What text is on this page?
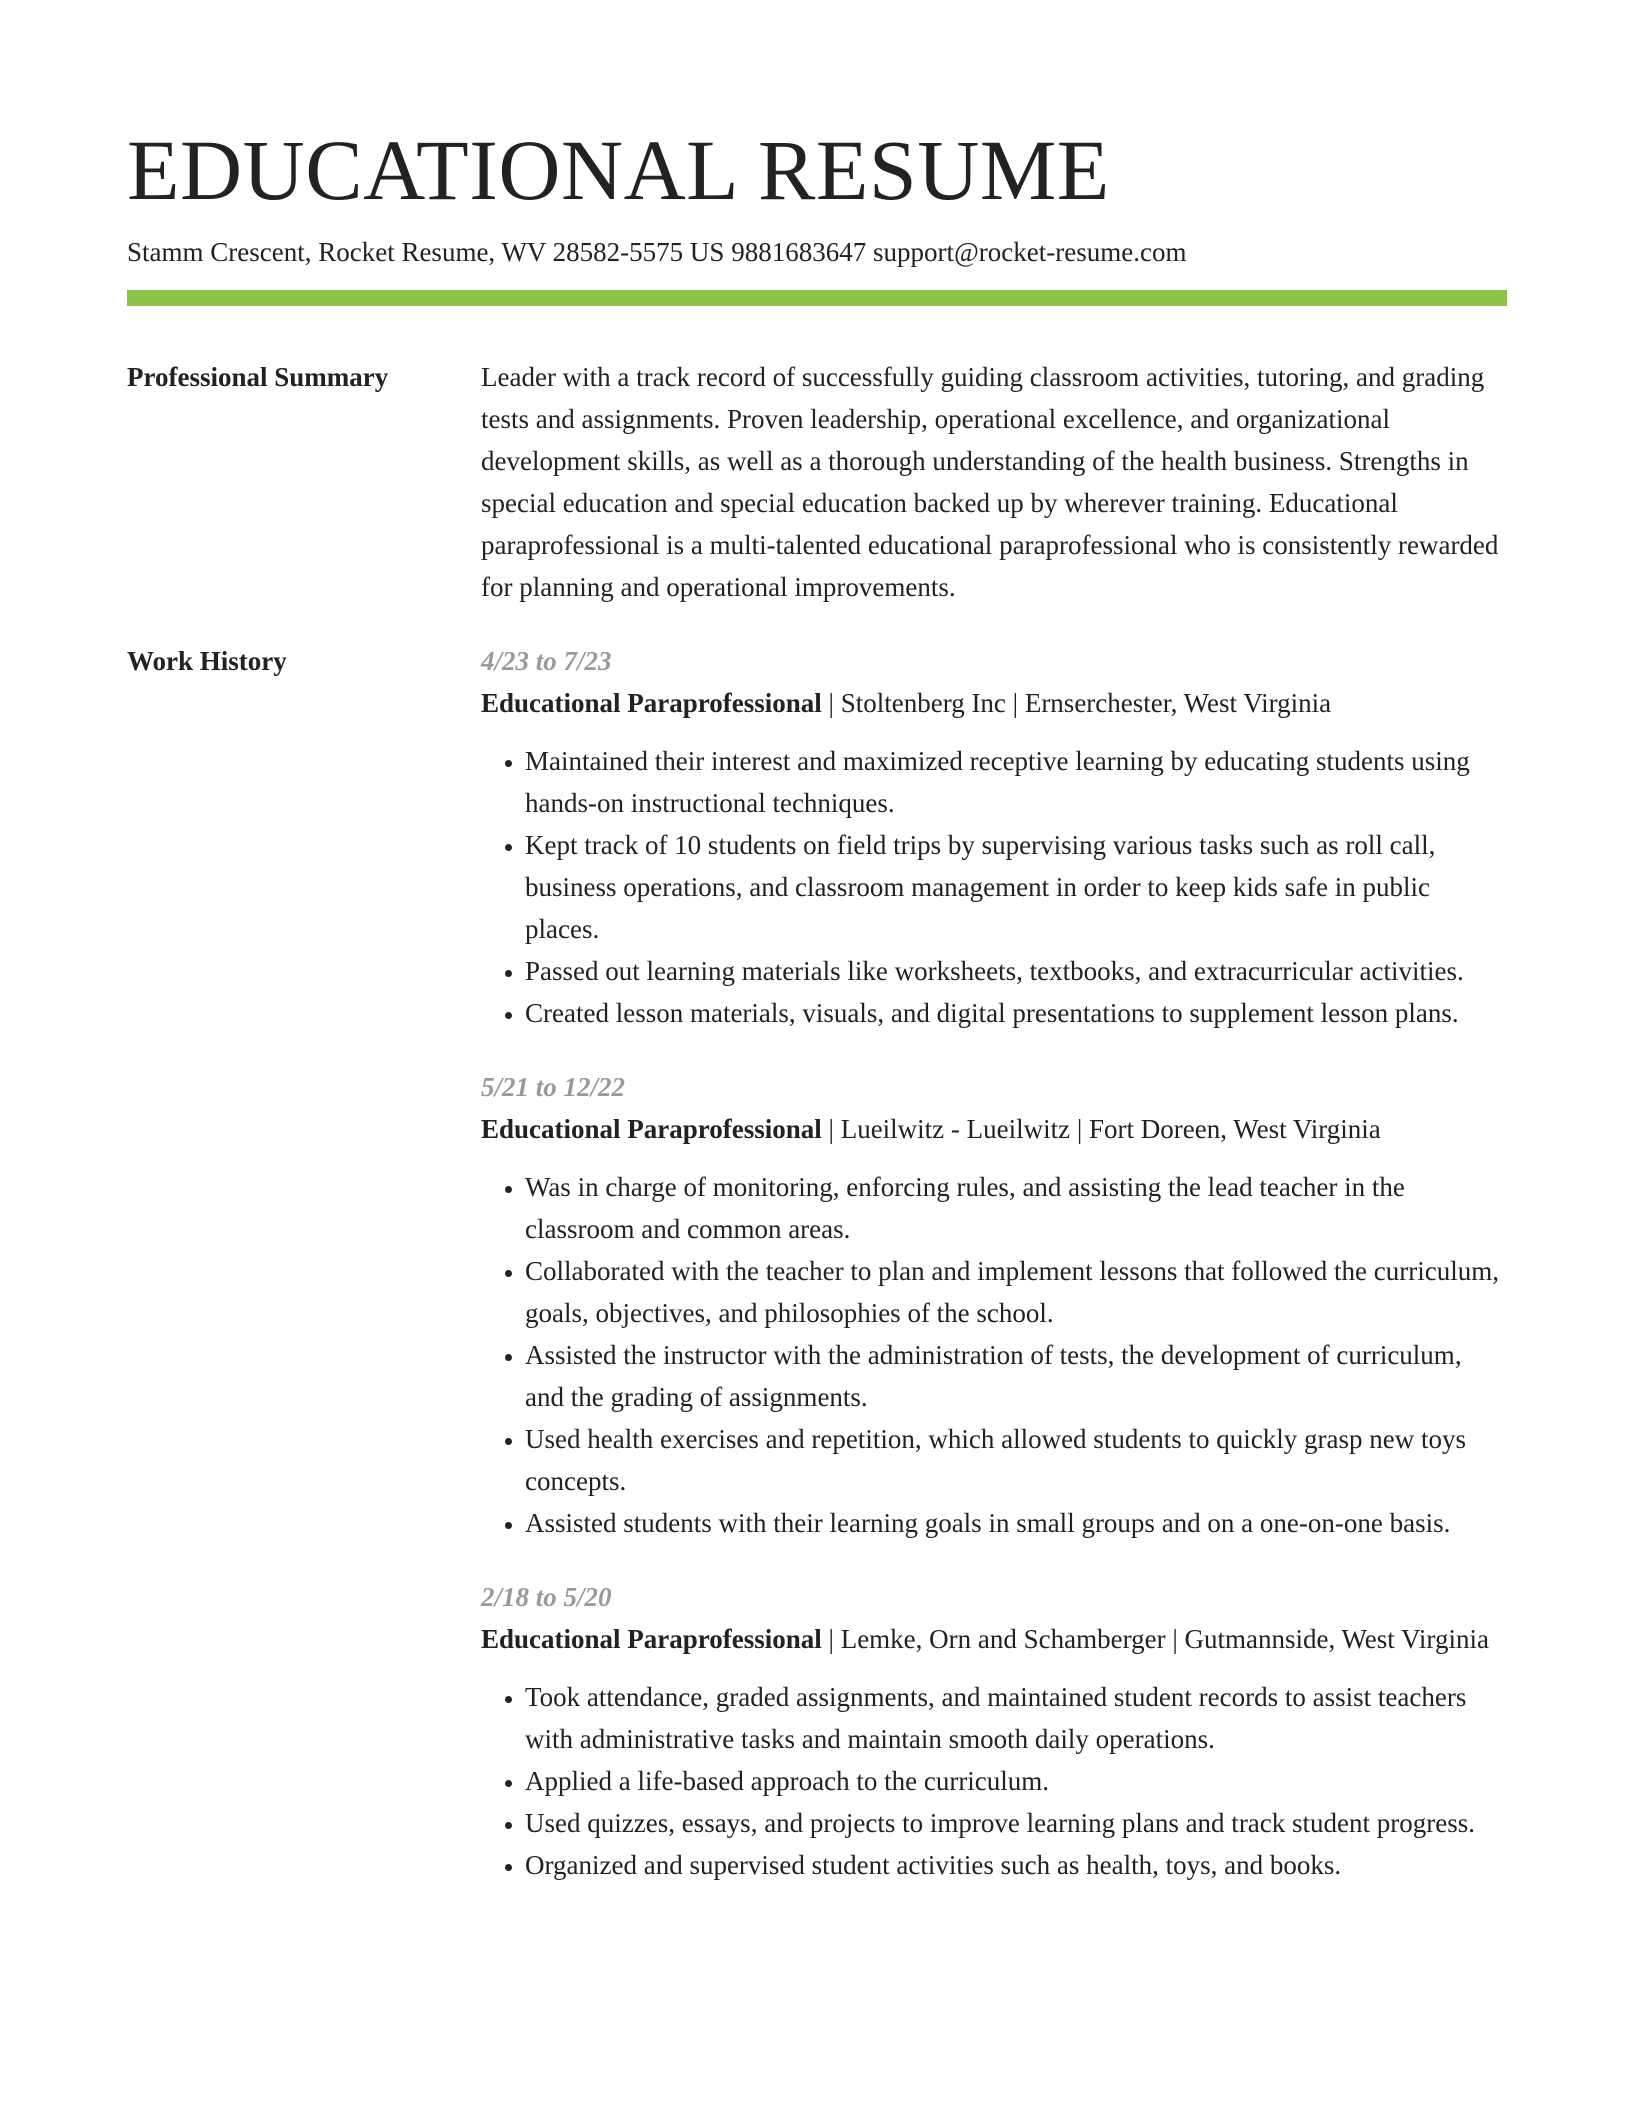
EDUCATIONAL RESUME
Stamm Crescent, Rocket Resume, WV 28582-5575 US 9881683647 support@rocket-resume.com
Professional Summary	Leader with a track record of successfully guiding classroom activities, tutoring, and grading tests and assignments. Proven leadership, operational excellence, and organizational development skills, as well as a thorough understanding of the health business. Strengths in special education and special education backed up by wherever training. Educational paraprofessional is a multi-talented educational paraprofessional who is consistently rewarded for planning and operational improvements.

Work History	4/23 to 7/23
Educational Paraprofessional | Stoltenberg Inc | Ernserchester, West Virginia
• Maintained their interest and maximized receptive learning by educating students using hands-on instructional techniques.
• Kept track of 10 students on field trips by supervising various tasks such as roll call, business operations, and classroom management in order to keep kids safe in public places.
• Passed out learning materials like worksheets, textbooks, and extracurricular activities.
• Created lesson materials, visuals, and digital presentations to supplement lesson plans.
5/21 to 12/22
Educational Paraprofessional | Lueilwitz - Lueilwitz | Fort Doreen, West Virginia
• Was in charge of monitoring, enforcing rules, and assisting the lead teacher in the classroom and common areas.
• Collaborated with the teacher to plan and implement lessons that followed the curriculum, goals, objectives, and philosophies of the school.
• Assisted the instructor with the administration of tests, the development of curriculum, and the grading of assignments.
• Used health exercises and repetition, which allowed students to quickly grasp new toys concepts.
• Assisted students with their learning goals in small groups and on a one-on-one basis.
2/18 to 5/20
Educational Paraprofessional | Lemke, Orn and Schamberger | Gutmannside, West Virginia
• Took attendance, graded assignments, and maintained student records to assist teachers with administrative tasks and maintain smooth daily operations.
• Applied a life-based approach to the curriculum.
• Used quizzes, essays, and projects to improve learning plans and track student progress.
• Organized and supervised student activities such as health, toys, and books.
